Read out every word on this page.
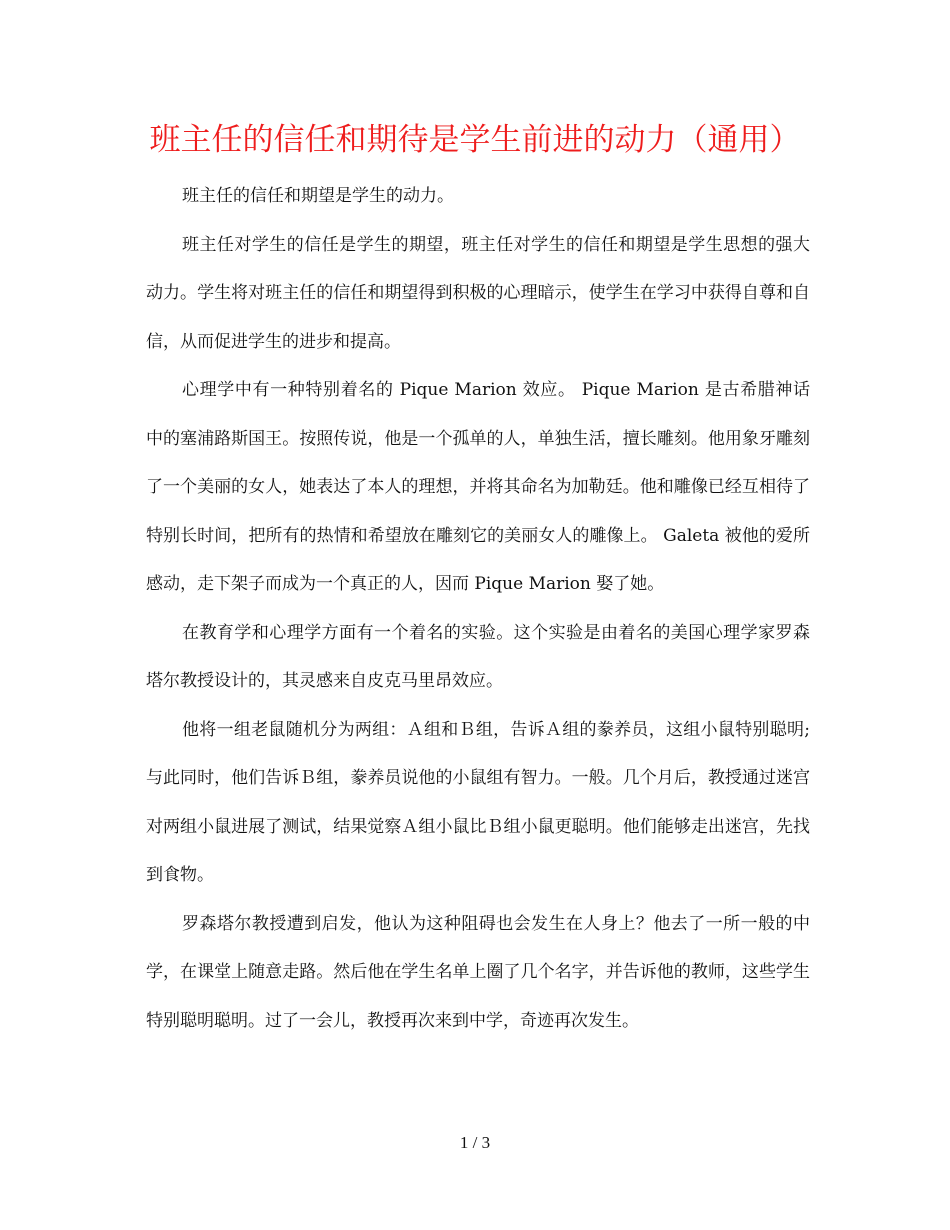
班主任的信任和期待是学生前进的动力（通用）

班主任的信任和期望是学生的动力。

班主任对学生的信任是学生的期望，班主任对学生的信任和期望是学生思想的强大动力。学生将对班主任的信任和期望得到积极的心理暗示，使学生在学习中获得自尊和自信，从而促进学生的进步和提高。

心理学中有一种特别着名的 Pique Marion 效应。 Pique Marion 是古希腊神话中的塞浦路斯国王。按照传说，他是一个孤单的人，单独生活，擅长雕刻。他用象牙雕刻了一个美丽的女人，她表达了本人的理想，并将其命名为加勒廷。他和雕像已经互相待了特别长时间，把所有的热情和希望放在雕刻它的美丽女人的雕像上。 Galeta 被他的爱所感动，走下架子而成为一个真正的人，因而 Pique Marion 娶了她。

在教育学和心理学方面有一个着名的实验。这个实验是由着名的美国心理学家罗森塔尔教授设计的，其灵感来自皮克马里昂效应。

他将一组老鼠随机分为两组：Ａ组和Ｂ组，告诉Ａ组的豢养员，这组小鼠特别聪明;与此同时，他们告诉Ｂ组，豢养员说他的小鼠组有智力。一般。几个月后，教授通过迷宫对两组小鼠进展了测试，结果觉察Ａ组小鼠比Ｂ组小鼠更聪明。他们能够走出迷宫，先找到食物。

罗森塔尔教授遭到启发，他认为这种阻碍也会发生在人身上？他去了一所一般的中学，在课堂上随意走路。然后他在学生名单上圈了几个名字，并告诉他的教师，这些学生特别聪明聪明。过了一会儿，教授再次来到中学，奇迹再次发生。

1 / 3
